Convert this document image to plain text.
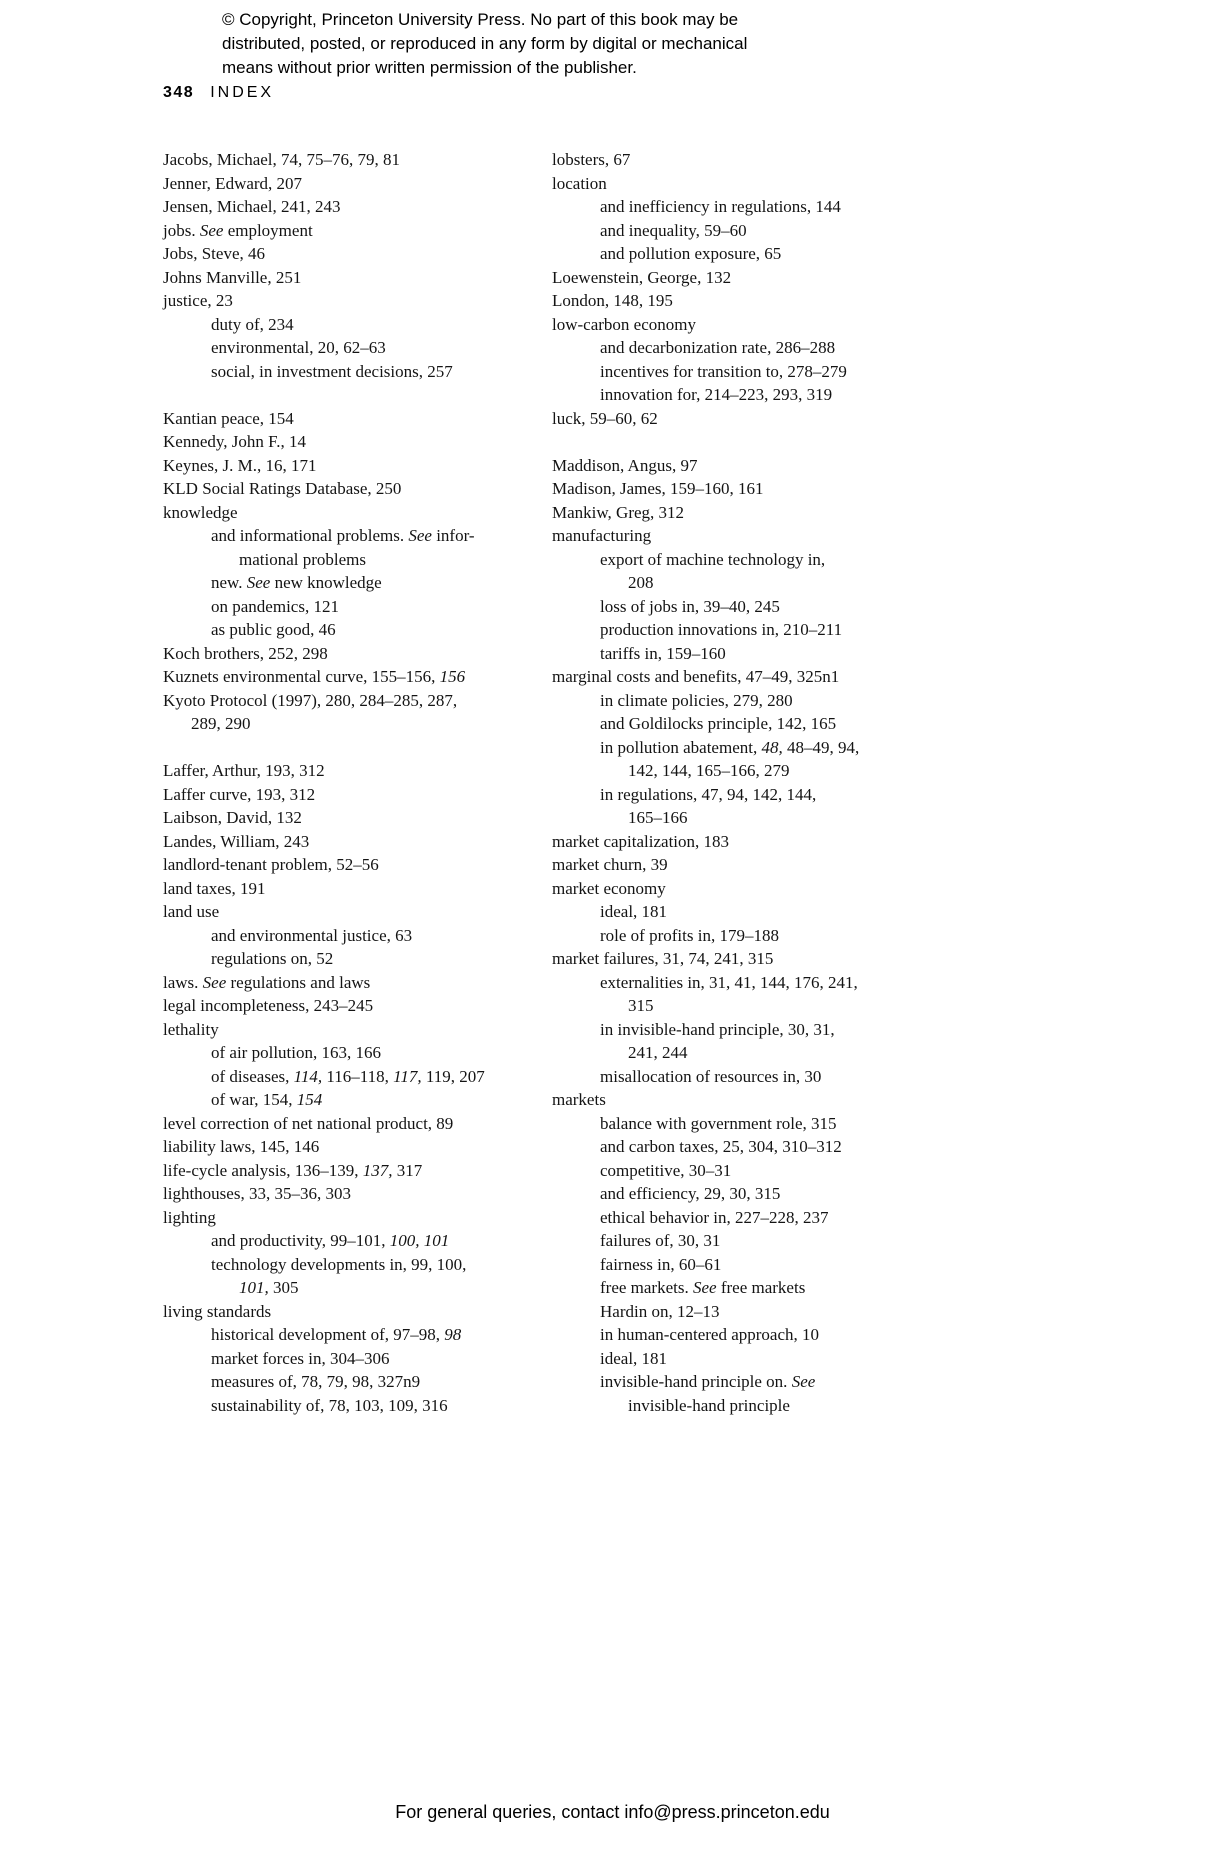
© Copyright, Princeton University Press. No part of this book may be
distributed, posted, or reproduced in any form by digital or mechanical
means without prior written permission of the publisher.
348 INDEX
Jacobs, Michael, 74, 75–76, 79, 81
Jenner, Edward, 207
Jensen, Michael, 241, 243
jobs. See employment
Jobs, Steve, 46
Johns Manville, 251
justice, 23
duty of, 234
environmental, 20, 62–63
social, in investment decisions, 257
Kantian peace, 154
Kennedy, John F., 14
Keynes, J. M., 16, 171
KLD Social Ratings Database, 250
knowledge
and informational problems. See infor-
mational problems
new. See new knowledge
on pandemics, 121
as public good, 46
Koch brothers, 252, 298
Kuznets environmental curve, 155–156, 156
Kyoto Protocol (1997), 280, 284–285, 287,
289, 290
Laffer, Arthur, 193, 312
Laffer curve, 193, 312
Laibson, David, 132
Landes, William, 243
landlord-tenant problem, 52–56
land taxes, 191
land use
and environmental justice, 63
regulations on, 52
laws. See regulations and laws
legal incompleteness, 243–245
lethality
of air pollution, 163, 166
of diseases, 114, 116–118, 117, 119, 207
of war, 154, 154
level correction of net national product, 89
liability laws, 145, 146
life-cycle analysis, 136–139, 137, 317
lighthouses, 33, 35–36, 303
lighting
and productivity, 99–101, 100, 101
technology developments in, 99, 100,
101, 305
living standards
historical development of, 97–98, 98
market forces in, 304–306
measures of, 78, 79, 98, 327n9
sustainability of, 78, 103, 109, 316
lobsters, 67
location
and inefficiency in regulations, 144
and inequality, 59–60
and pollution exposure, 65
Loewenstein, George, 132
London, 148, 195
low-carbon economy
and decarbonization rate, 286–288
incentives for transition to, 278–279
innovation for, 214–223, 293, 319
luck, 59–60, 62
Maddison, Angus, 97
Madison, James, 159–160, 161
Mankiw, Greg, 312
manufacturing
export of machine technology in,
208
loss of jobs in, 39–40, 245
production innovations in, 210–211
tariffs in, 159–160
marginal costs and benefits, 47–49, 325n1
in climate policies, 279, 280
and Goldilocks principle, 142, 165
in pollution abatement, 48, 48–49, 94,
142, 144, 165–166, 279
in regulations, 47, 94, 142, 144,
165–166
market capitalization, 183
market churn, 39
market economy
ideal, 181
role of profits in, 179–188
market failures, 31, 74, 241, 315
externalities in, 31, 41, 144, 176, 241,
315
in invisible-hand principle, 30, 31,
241, 244
misallocation of resources in, 30
markets
balance with government role, 315
and carbon taxes, 25, 304, 310–312
competitive, 30–31
and efficiency, 29, 30, 315
ethical behavior in, 227–228, 237
failures of, 30, 31
fairness in, 60–61
free markets. See free markets
Hardin on, 12–13
in human-centered approach, 10
ideal, 181
invisible-hand principle on. See
invisible-hand principle
For general queries, contact info@press.princeton.edu
